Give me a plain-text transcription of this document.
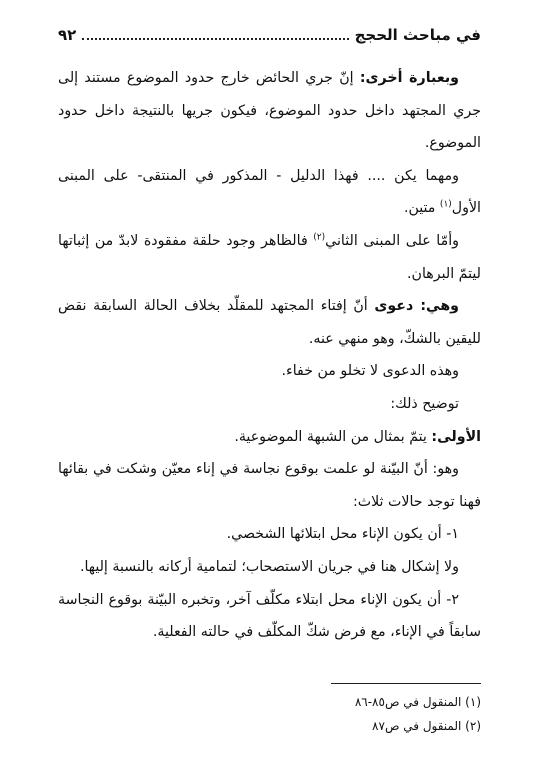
في مباحث الحجج
٩٢

وبعبارة أخرى: إنّ جري الحائض خارج حدود الموضوع مستند إلى جري المجتهد داخل حدود الموضوع، فيكون جريها بالنتيجة داخل حدود الموضوع.

ومهما يكن .... فهذا الدليل - المذكور في المنتقى- على المبنى الأول$^{(١)}$ متين.

وأمّا على المبنى الثاني$^{(٢)}$ فالظاهر وجود حلقة مفقودة لابدّ من إثباتها ليتمّ البرهان.

وهي: دعوى أنّ إفتاء المجتهد للمقلّد بخلاف الحالة السابقة نقض لليقين بالشكّ، وهو منهي عنه.

وهذه الدعوى لا تخلو من خفاء.

توضيح ذلك:

الأولى: يتمّ بمثال من الشبهة الموضوعية.

وهو: أنّ البيّنة لو علمت بوقوع نجاسة في إناء معيّن وشكت في بقائها فهنا توجد حالات ثلاث:

١- أن يكون الإناء محل ابتلائها الشخصي.

ولا إشكال هنا في جريان الاستصحاب؛ لتمامية أركانه بالنسبة إليها.

٢- أن يكون الإناء محل ابتلاء مكلّف آخر، وتخبره البيّنة بوقوع النجاسة سابقاً في الإناء، مع فرض شكّ المكلّف في حالته الفعلية.

(١) المنقول في ص٨٥-٨٦

(٢) المنقول في ص٨٧
